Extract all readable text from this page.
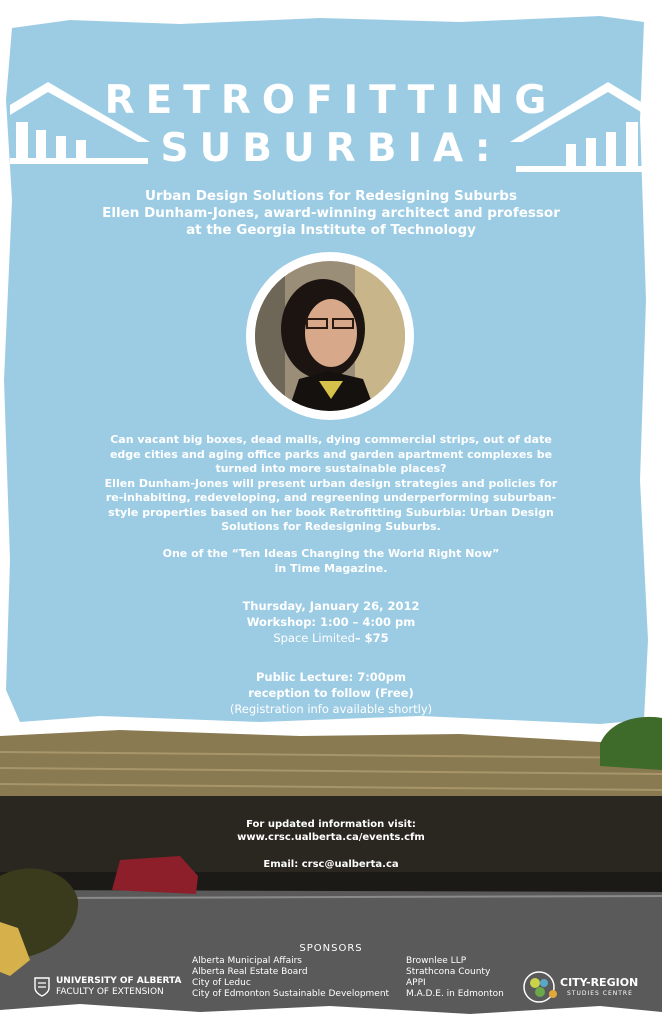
RETROFITTING
SUBURBIA:
Urban Design Solutions for Redesigning Suburbs
Ellen Dunham-Jones, award-winning architect and professor
at the Georgia Institute of Technology
Can vacant big boxes, dead malls, dying commercial strips, out of date
edge cities and aging office parks and garden apartment complexes be
turned into more sustainable places?
Ellen Dunham-Jones will present urban design strategies and policies for
re-inhabiting, redeveloping, and regreening underperforming suburban-
style properties based on her book Retrofitting Suburbia: Urban Design
Solutions for Redesigning Suburbs.
One of the “Ten Ideas Changing the World Right Now”
in Time Magazine.
Thursday, January 26, 2012
Workshop: 1:00 – 4:00 pm
Space Limited– $75
Public Lecture: 7:00pm
reception to follow (Free)
(Registration info available shortly)
For updated information visit:
www.crsc.ualberta.ca/events.cfm
Email: crsc@ualberta.ca
SPONSORS
Alberta Municipal Affairs
Alberta Real Estate Board
City of Leduc
City of Edmonton Sustainable Development
Brownlee LLP
Strathcona County
APPI
M.A.D.E. in Edmonton
UNIVERSITY OF ALBERTA
FACULTY OF EXTENSION
CITY-REGION
STUDIES CENTRE
